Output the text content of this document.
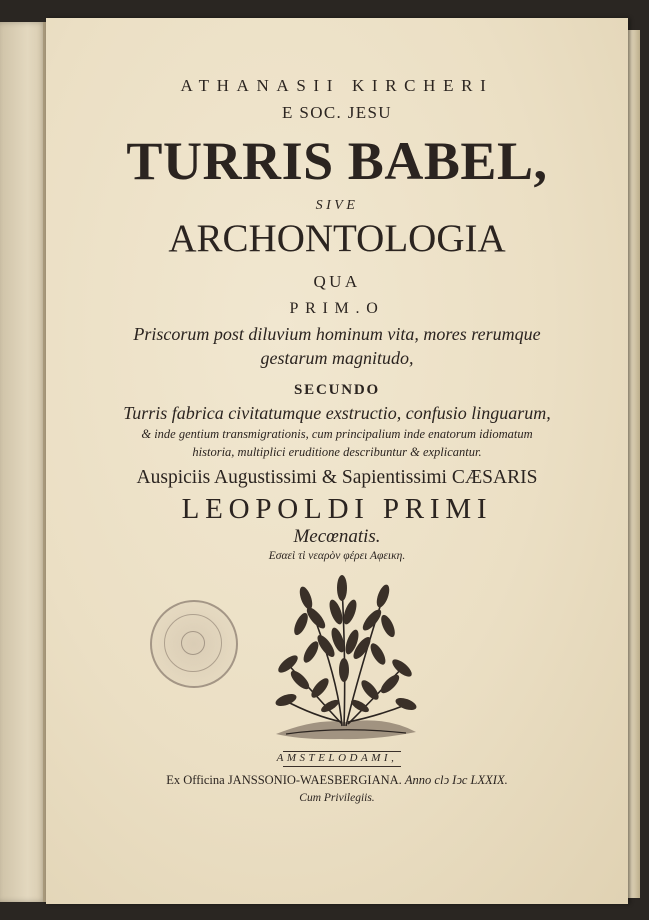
ATHANASII KIRCHERI
E SOC. JESU
TURRIS BABEL,
SIVE
ARCHONTOLOGIA
QUA
PRIM.O
Priscorum post diluvium hominum vita, mores rerumque
gestarum magnitudo,
SECUNDO
Turris fabrica civitatumque exstructio, confusio linguarum,
& inde gentium transmigrationis, cum principalium inde enatorum idiomatum
historia, multiplici eruditione describuntur & explicantur.
Auspiciis Augustissimi & Sapientissimi CÆSARIS
LEOPOLDI PRIMI
Mecœnatis.
Εσαεὶ τὶ νεαρὸν φέρει Αφεικη.
AMSTELODAMI,
Ex Officina JANSSONIO-WAESBERGIANA. Anno clↄ Iↄc LXXIX.
Cum Privilegiis.
